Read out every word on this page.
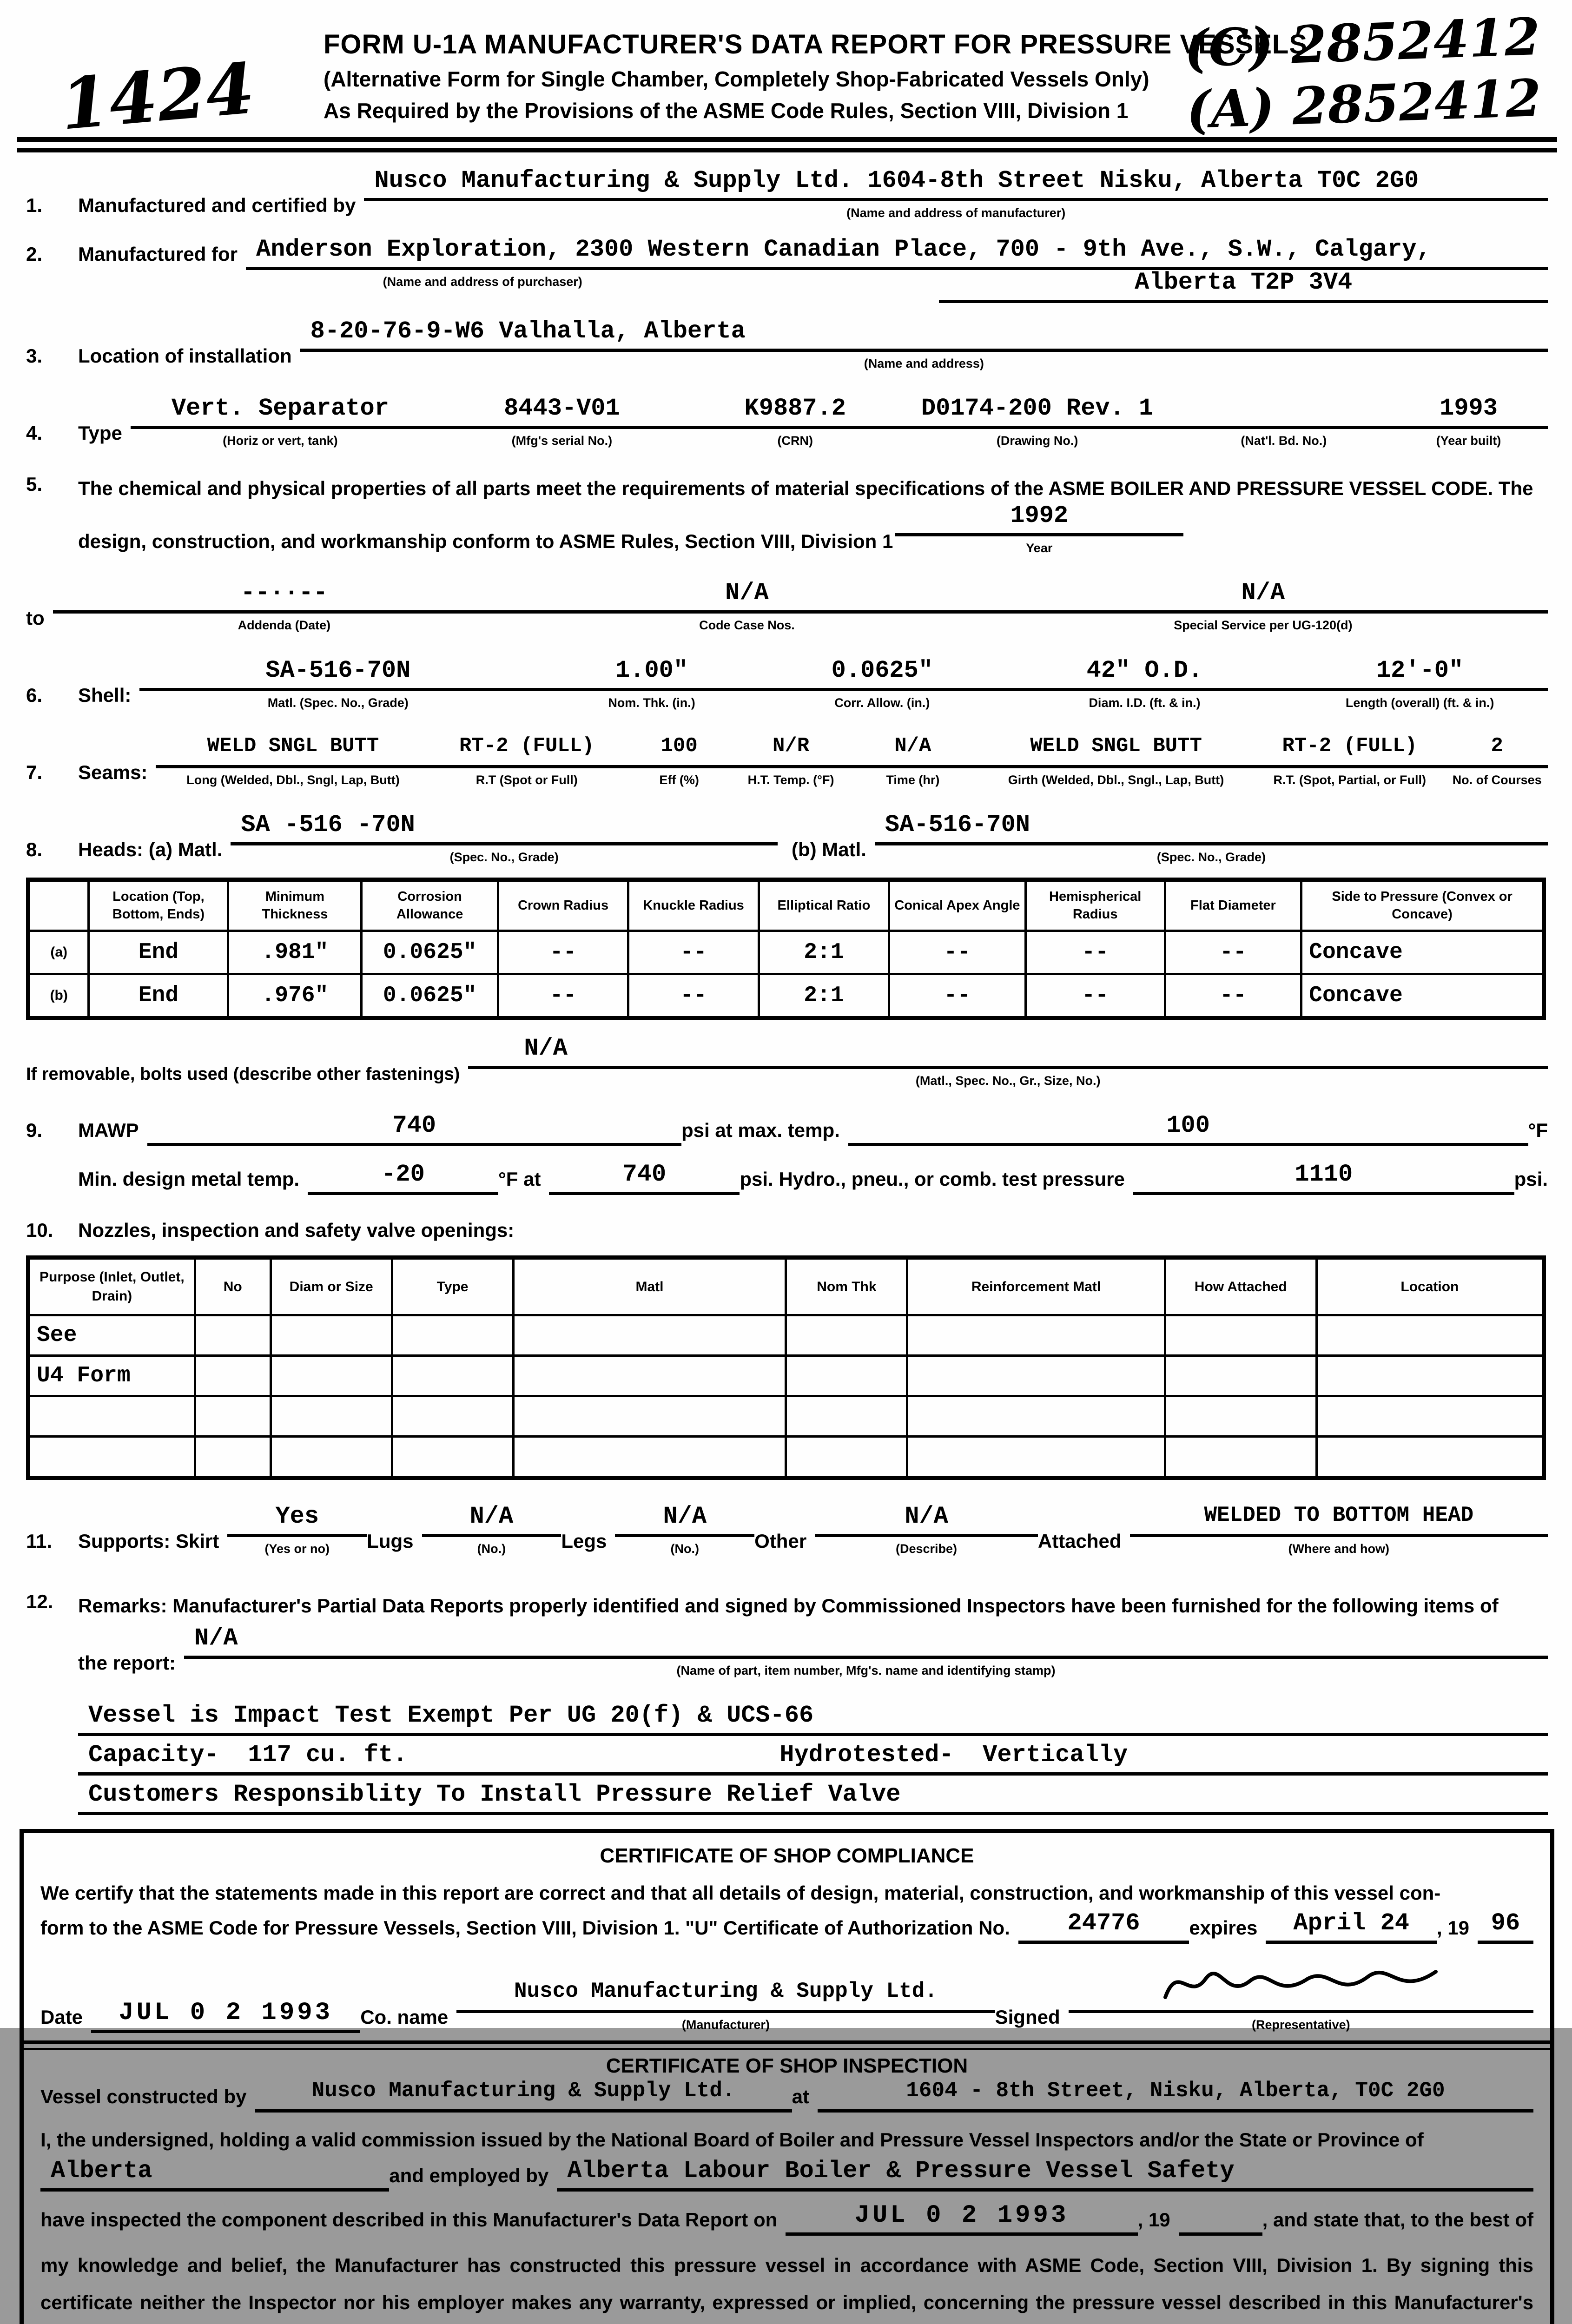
1424
(C) 2852412
(A) 2852412
FORM U-1A MANUFACTURER'S DATA REPORT FOR PRESSURE VESSELS
(Alternative Form for Single Chamber, Completely Shop-Fabricated Vessels Only)
As Required by the Provisions of the ASME Code Rules, Section VIII, Division 1
1.	Manufactured and certified by
Nusco Manufacturing & Supply Ltd. 1604-8th Street Nisku, Alberta T0C 2G0
(Name and address of manufacturer)
2.	Manufactured for Anderson Exploration, 2300 Western Canadian Place, 700 - 9th Ave., S.W., Calgary,
(Name and address of purchaser)	Alberta T2P 3V4
3.	Location of installation
8-20-76-9-W6 Valhalla, Alberta
(Name and address)
4.	Type
Vert. Separator
(Horiz or vert, tank)
8443-V01
(Mfg's serial No.)
K9887.2
(CRN)
D0174-200 Rev. 1
(Drawing No.)	(Nat'l. Bd. No.)
1993
(Year built)
5.	The chemical and physical properties of all parts meet the requirements of material specifications of the ASME BOILER AND PRESSURE VESSEL CODE. The design, construction, and workmanship conform to ASME Rules, Section VIII, Division 1
1992
Year
to
--··--
Addenda (Date)
N/A
Code Case Nos.
N/A
Special Service per UG-120(d)
6.	Shell:
SA-516-70N
Matl. (Spec. No., Grade)
1.00"
Nom. Thk. (in.)
0.0625"
Corr. Allow. (in.)
42" O.D.
Diam. I.D. (ft. & in.)
12'-0"
Length (overall) (ft. & in.)
7.	Seams:
WELD SNGL BUTT
Long (Welded, Dbl., Sngl, Lap, Butt)
RT-2 (FULL)
R.T (Spot or Full)
100
Eff (%)
N/R
H.T. Temp. (°F)
N/A
Time (hr)
WELD SNGL BUTT
Girth (Welded, Dbl., Sngl., Lap, Butt)
RT-2 (FULL)
R.T. (Spot, Partial, or Full)
2
No. of Courses
8.	Heads: (a) Matl.
SA -516 -70N
(Spec. No., Grade)	(b) Matl.
SA-516-70N
(Spec. No., Grade)
	Location (Top, Bottom, Ends)	Minimum Thickness	Corrosion Allowance	Crown Radius	Knuckle Radius	Elliptical Ratio	Conical Apex Angle	Hemispherical Radius	Flat Diameter	Side to Pressure (Convex or Concave)
(a)	End	.981"	0.0625"	--	--	2:1	--	--	--	Concave
(b)	End	.976"	0.0625"	--	--	2:1	--	--	--	Concave
If removable, bolts used (describe other fastenings)
N/A
(Matl., Spec. No., Gr., Size, No.)
9.	MAWP	740	psi at max. temp.	100	°F
Min. design metal temp.	-20	°F at	740	psi. Hydro., pneu., or comb. test pressure	1110	psi.
10.	Nozzles, inspection and safety valve openings:
Purpose (Inlet, Outlet, Drain)	No	Diam or Size	Type	Matl	Nom Thk	Reinforcement Matl	How Attached	Location
See								
U4 Form								

11.	Supports: Skirt
Yes
(Yes or no)	Lugs
N/A
(No.)	Legs
N/A
(No.)	Other
N/A
(Describe)	Attached
WELDED TO BOTTOM HEAD
(Where and how)
12.	Remarks: Manufacturer's Partial Data Reports properly identified and signed by Commissioned Inspectors have been furnished for the following items of
the report:
N/A
(Name of part, item number, Mfg's. name and identifying stamp)
Vessel is Impact Test Exempt Per UG 20(f) & UCS-66

Capacity- 117 cu. ft.	Hydrotested- Vertically
Customers Responsiblity To Install Pressure Relief Valve

CERTIFICATE OF SHOP COMPLIANCE
We certify that the statements made in this report are correct and that all details of design, material, construction, and workmanship of this vessel con-
form to the ASME Code for Pressure Vessels, Section VIII, Division 1. "U" Certificate of Authorization No.	24776	expires	April 24	, 19 96
Date	JUL 0 2 1993	Co. name
Nusco Manufacturing & Supply Ltd.
(Manufacturer)	Signed	(Representative)
CERTIFICATE OF SHOP INSPECTION
Vessel constructed by	Nusco Manufacturing & Supply Ltd.	at	1604 - 8th Street, Nisku, Alberta, T0C 2G0
I, the undersigned, holding a valid commission issued by the National Board of Boiler and Pressure Vessel Inspectors and/or the State or Province of
Alberta	and employed by Alberta Labour Boiler & Pressure Vessel Safety
have inspected the component described in this Manufacturer's Data Report on	JUL 0 2 1993	, 19
	, and state that, to the best of
my knowledge and belief, the Manufacturer has constructed this pressure vessel in accordance with ASME Code, Section VIII, Division 1. By signing this certificate neither the Inspector nor his employer makes any warranty, expressed or implied, concerning the pressure vessel described in this Manufacturer's
